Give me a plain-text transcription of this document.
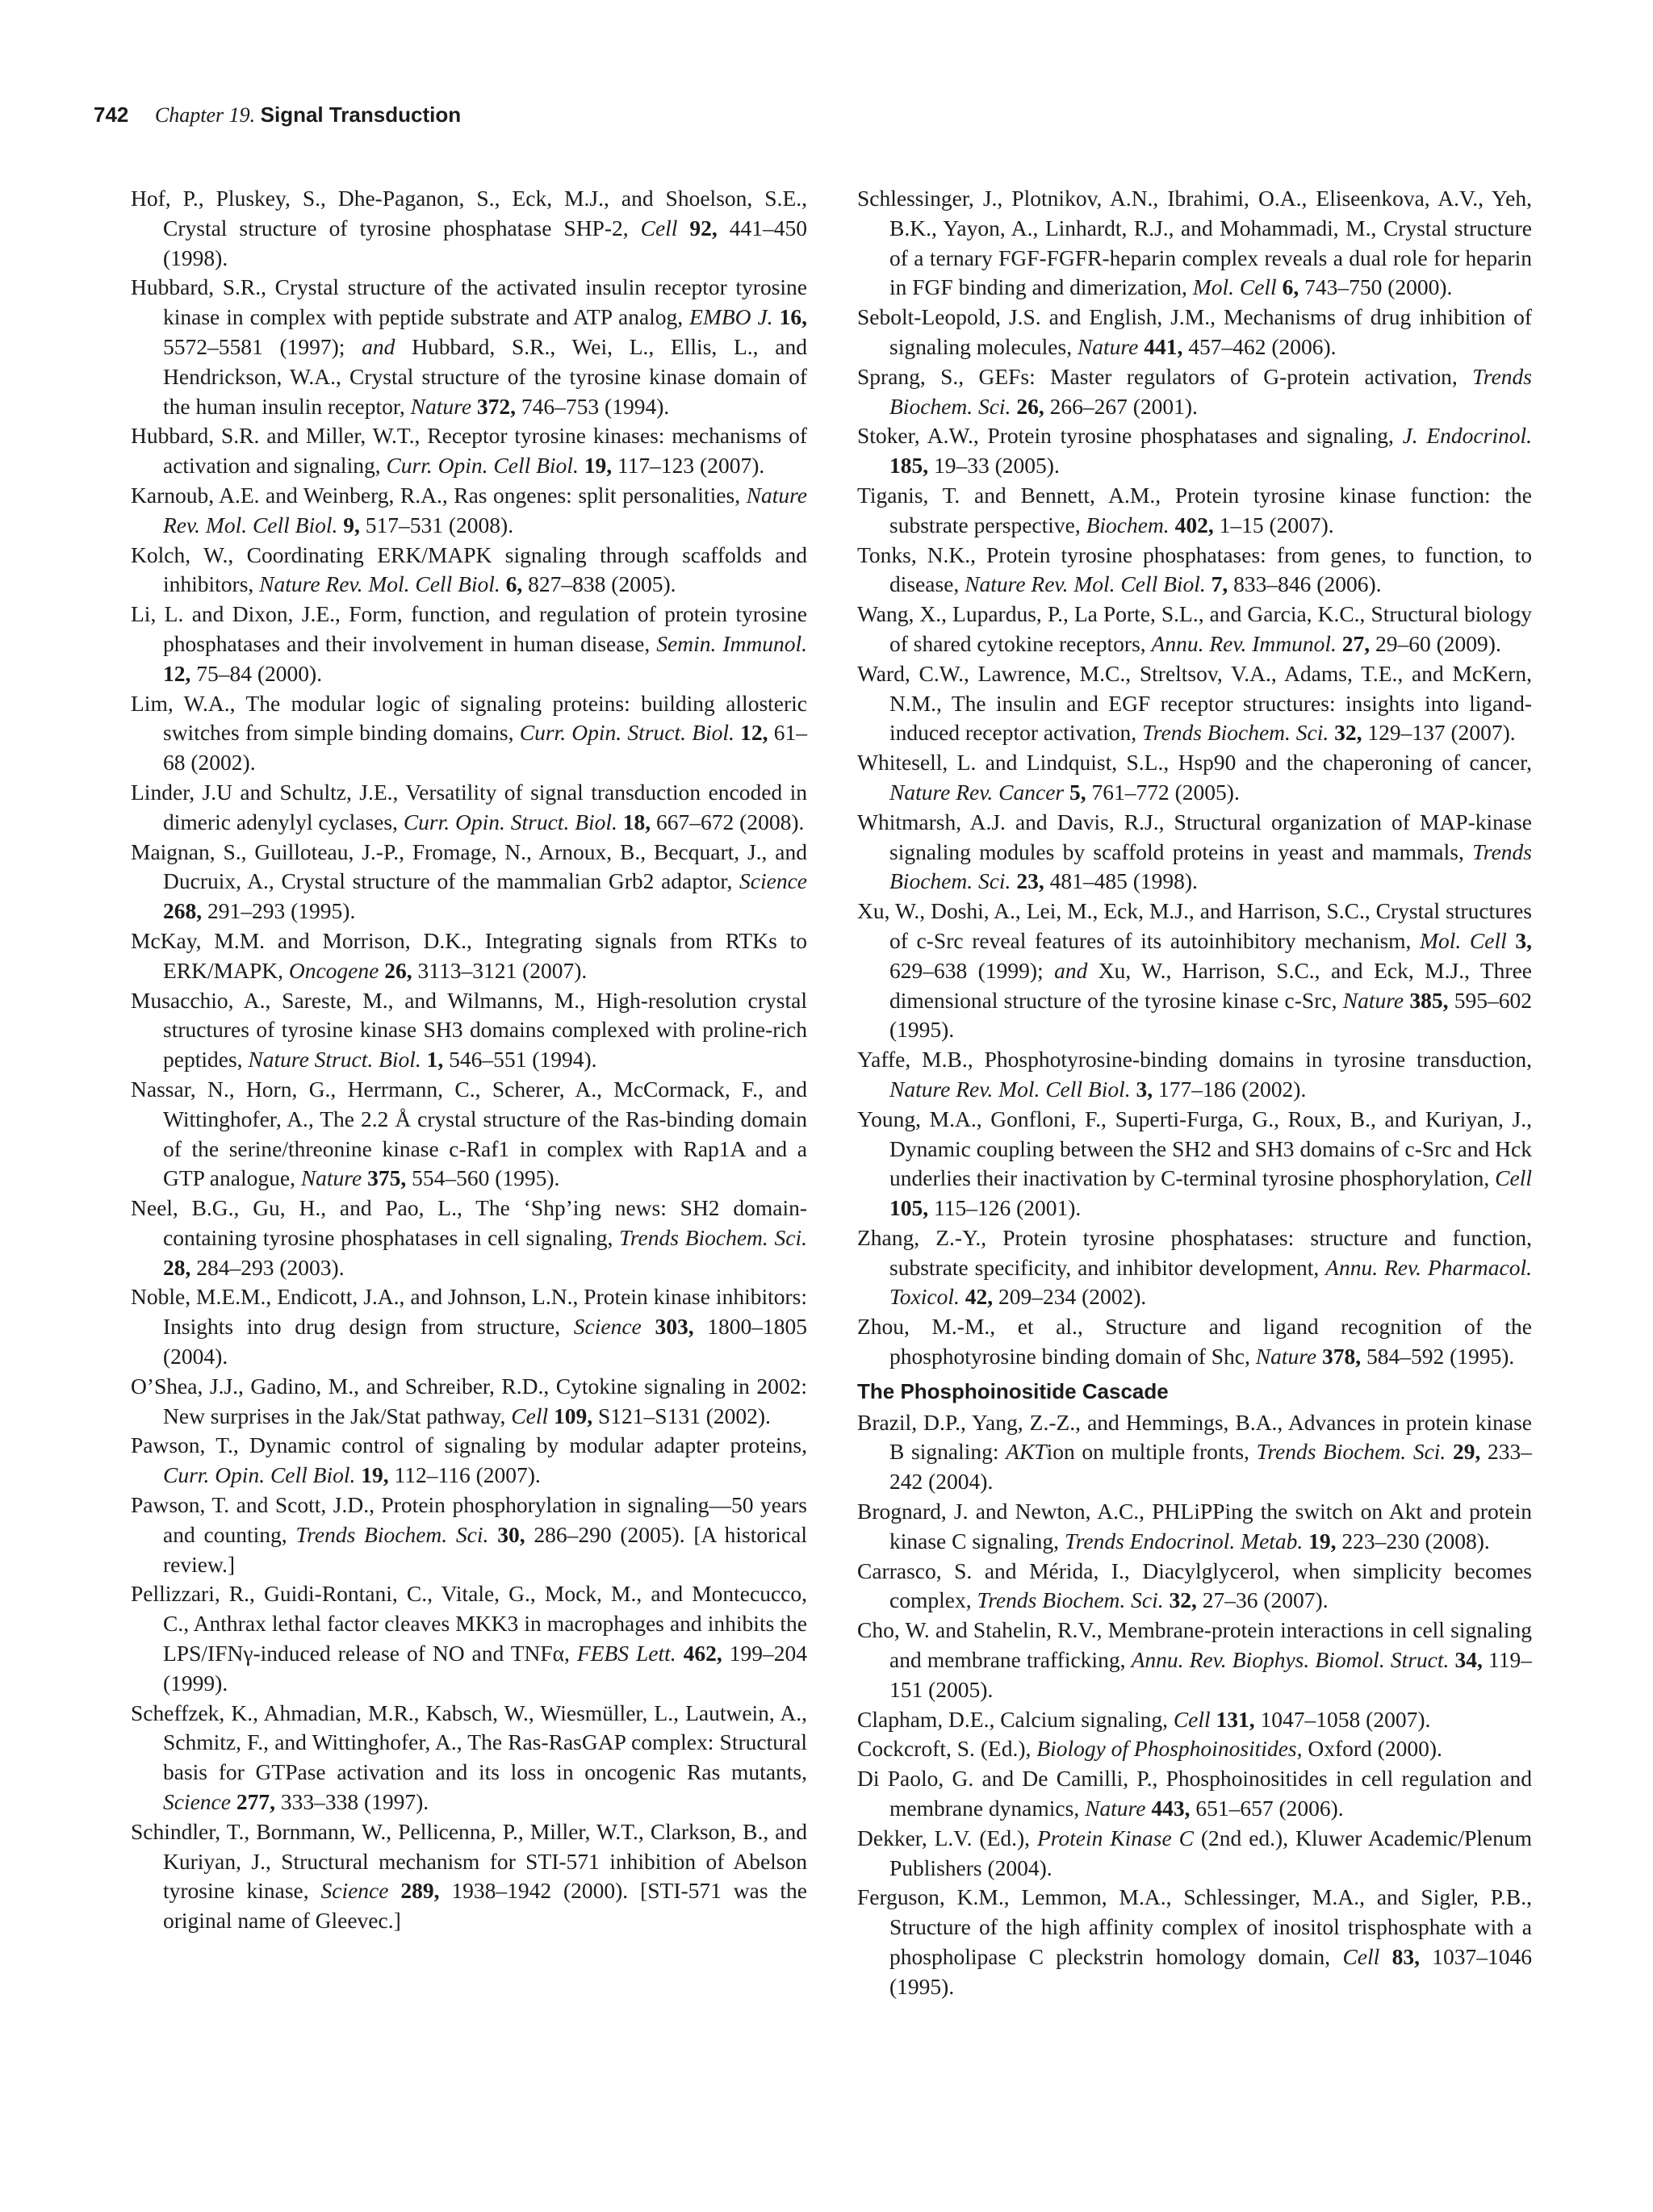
742 Chapter 19. Signal Transduction

Hof, P., Pluskey, S., Dhe-Paganon, S., Eck, M.J., and Shoelson, S.E., Crystal structure of tyrosine phosphatase SHP-2, Cell 92, 441–450 (1998).

Hubbard, S.R., Crystal structure of the activated insulin receptor tyrosine kinase in complex with peptide substrate and ATP analog, EMBO J. 16, 5572–5581 (1997); and Hubbard, S.R., Wei, L., Ellis, L., and Hendrickson, W.A., Crystal structure of the tyrosine kinase domain of the human insulin receptor, Nature 372, 746–753 (1994).

Hubbard, S.R. and Miller, W.T., Receptor tyrosine kinases: mechanisms of activation and signaling, Curr. Opin. Cell Biol. 19, 117–123 (2007).

Karnoub, A.E. and Weinberg, R.A., Ras ongenes: split personalities, Nature Rev. Mol. Cell Biol. 9, 517–531 (2008).

Kolch, W., Coordinating ERK/MAPK signaling through scaffolds and inhibitors, Nature Rev. Mol. Cell Biol. 6, 827–838 (2005).

Li, L. and Dixon, J.E., Form, function, and regulation of protein tyrosine phosphatases and their involvement in human disease, Semin. Immunol. 12, 75–84 (2000).

Lim, W.A., The modular logic of signaling proteins: building allosteric switches from simple binding domains, Curr. Opin. Struct. Biol. 12, 61–68 (2002).

Linder, J.U and Schultz, J.E., Versatility of signal transduction encoded in dimeric adenylyl cyclases, Curr. Opin. Struct. Biol. 18, 667–672 (2008).

Maignan, S., Guilloteau, J.-P., Fromage, N., Arnoux, B., Becquart, J., and Ducruix, A., Crystal structure of the mammalian Grb2 adaptor, Science 268, 291–293 (1995).

McKay, M.M. and Morrison, D.K., Integrating signals from RTKs to ERK/MAPK, Oncogene 26, 3113–3121 (2007).

Musacchio, A., Sareste, M., and Wilmanns, M., High-resolution crystal structures of tyrosine kinase SH3 domains complexed with proline-rich peptides, Nature Struct. Biol. 1, 546–551 (1994).

Nassar, N., Horn, G., Herrmann, C., Scherer, A., McCormack, F., and Wittinghofer, A., The 2.2 Å crystal structure of the Ras-binding domain of the serine/threonine kinase c-Raf1 in complex with Rap1A and a GTP analogue, Nature 375, 554–560 (1995).

Neel, B.G., Gu, H., and Pao, L., The ‘Shp’ing news: SH2 domain-containing tyrosine phosphatases in cell signaling, Trends Biochem. Sci. 28, 284–293 (2003).

Noble, M.E.M., Endicott, J.A., and Johnson, L.N., Protein kinase inhibitors: Insights into drug design from structure, Science 303, 1800–1805 (2004).

O’Shea, J.J., Gadino, M., and Schreiber, R.D., Cytokine signaling in 2002: New surprises in the Jak/Stat pathway, Cell 109, S121–S131 (2002).

Pawson, T., Dynamic control of signaling by modular adapter proteins, Curr. Opin. Cell Biol. 19, 112–116 (2007).

Pawson, T. and Scott, J.D., Protein phosphorylation in signaling—50 years and counting, Trends Biochem. Sci. 30, 286–290 (2005). [A historical review.]

Pellizzari, R., Guidi-Rontani, C., Vitale, G., Mock, M., and Montecucco, C., Anthrax lethal factor cleaves MKK3 in macrophages and inhibits the LPS/IFNγ-induced release of NO and TNFα, FEBS Lett. 462, 199–204 (1999).

Scheffzek, K., Ahmadian, M.R., Kabsch, W., Wiesmüller, L., Lautwein, A., Schmitz, F., and Wittinghofer, A., The Ras-RasGAP complex: Structural basis for GTPase activation and its loss in oncogenic Ras mutants, Science 277, 333–338 (1997).

Schindler, T., Bornmann, W., Pellicenna, P., Miller, W.T., Clarkson, B., and Kuriyan, J., Structural mechanism for STI-571 inhibition of Abelson tyrosine kinase, Science 289, 1938–1942 (2000). [STI-571 was the original name of Gleevec.]

Schlessinger, J., Plotnikov, A.N., Ibrahimi, O.A., Eliseenkova, A.V., Yeh, B.K., Yayon, A., Linhardt, R.J., and Mohammadi, M., Crystal structure of a ternary FGF-FGFR-heparin complex reveals a dual role for heparin in FGF binding and dimerization, Mol. Cell 6, 743–750 (2000).

Sebolt-Leopold, J.S. and English, J.M., Mechanisms of drug inhibition of signaling molecules, Nature 441, 457–462 (2006).

Sprang, S., GEFs: Master regulators of G-protein activation, Trends Biochem. Sci. 26, 266–267 (2001).

Stoker, A.W., Protein tyrosine phosphatases and signaling, J. Endocrinol. 185, 19–33 (2005).

Tiganis, T. and Bennett, A.M., Protein tyrosine kinase function: the substrate perspective, Biochem. 402, 1–15 (2007).

Tonks, N.K., Protein tyrosine phosphatases: from genes, to function, to disease, Nature Rev. Mol. Cell Biol. 7, 833–846 (2006).

Wang, X., Lupardus, P., La Porte, S.L., and Garcia, K.C., Structural biology of shared cytokine receptors, Annu. Rev. Immunol. 27, 29–60 (2009).

Ward, C.W., Lawrence, M.C., Streltsov, V.A., Adams, T.E., and McKern, N.M., The insulin and EGF receptor structures: insights into ligand-induced receptor activation, Trends Biochem. Sci. 32, 129–137 (2007).

Whitesell, L. and Lindquist, S.L., Hsp90 and the chaperoning of cancer, Nature Rev. Cancer 5, 761–772 (2005).

Whitmarsh, A.J. and Davis, R.J., Structural organization of MAP-kinase signaling modules by scaffold proteins in yeast and mammals, Trends Biochem. Sci. 23, 481–485 (1998).

Xu, W., Doshi, A., Lei, M., Eck, M.J., and Harrison, S.C., Crystal structures of c-Src reveal features of its autoinhibitory mechanism, Mol. Cell 3, 629–638 (1999); and Xu, W., Harrison, S.C., and Eck, M.J., Three dimensional structure of the tyrosine kinase c-Src, Nature 385, 595–602 (1995).

Yaffe, M.B., Phosphotyrosine-binding domains in tyrosine transduction, Nature Rev. Mol. Cell Biol. 3, 177–186 (2002).

Young, M.A., Gonfloni, F., Superti-Furga, G., Roux, B., and Kuriyan, J., Dynamic coupling between the SH2 and SH3 domains of c-Src and Hck underlies their inactivation by C-terminal tyrosine phosphorylation, Cell 105, 115–126 (2001).

Zhang, Z.-Y., Protein tyrosine phosphatases: structure and function, substrate specificity, and inhibitor development, Annu. Rev. Pharmacol. Toxicol. 42, 209–234 (2002).

Zhou, M.-M., et al., Structure and ligand recognition of the phosphotyrosine binding domain of Shc, Nature 378, 584–592 (1995).

The Phosphoinositide Cascade

Brazil, D.P., Yang, Z.-Z., and Hemmings, B.A., Advances in protein kinase B signaling: AKTion on multiple fronts, Trends Biochem. Sci. 29, 233–242 (2004).

Brognard, J. and Newton, A.C., PHLiPPing the switch on Akt and protein kinase C signaling, Trends Endocrinol. Metab. 19, 223–230 (2008).

Carrasco, S. and Mérida, I., Diacylglycerol, when simplicity becomes complex, Trends Biochem. Sci. 32, 27–36 (2007).

Cho, W. and Stahelin, R.V., Membrane-protein interactions in cell signaling and membrane trafficking, Annu. Rev. Biophys. Biomol. Struct. 34, 119–151 (2005).

Clapham, D.E., Calcium signaling, Cell 131, 1047–1058 (2007).

Cockcroft, S. (Ed.), Biology of Phosphoinositides, Oxford (2000).

Di Paolo, G. and De Camilli, P., Phosphoinositides in cell regulation and membrane dynamics, Nature 443, 651–657 (2006).

Dekker, L.V. (Ed.), Protein Kinase C (2nd ed.), Kluwer Academic/Plenum Publishers (2004).

Ferguson, K.M., Lemmon, M.A., Schlessinger, M.A., and Sigler, P.B., Structure of the high affinity complex of inositol trisphosphate with a phospholipase C pleckstrin homology domain, Cell 83, 1037–1046 (1995).
